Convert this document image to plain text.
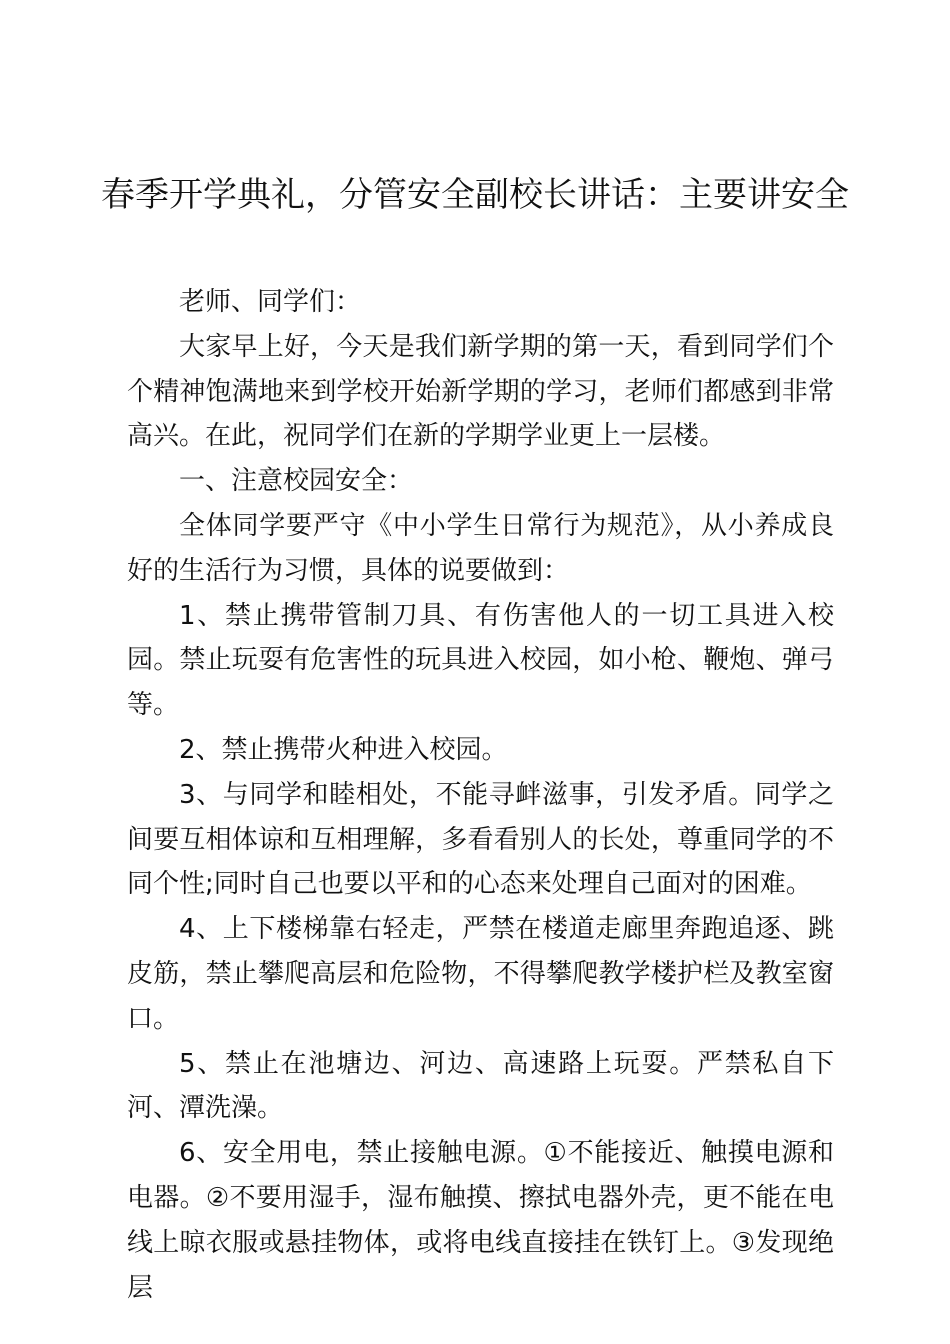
春季开学典礼，分管安全副校长讲话：主要讲安全

老师、同学们：

大家早上好，今天是我们新学期的第一天，看到同学们个个精神饱满地来到学校开始新学期的学习，老师们都感到非常高兴。在此，祝同学们在新的学期学业更上一层楼。

一、注意校园安全：

全体同学要严守《中小学生日常行为规范》，从小养成良好的生活行为习惯，具体的说要做到：

1、禁止携带管制刀具、有伤害他人的一切工具进入校园。禁止玩耍有危害性的玩具进入校园，如小枪、鞭炮、弹弓等。

2、禁止携带火种进入校园。

3、与同学和睦相处，不能寻衅滋事，引发矛盾。同学之间要互相体谅和互相理解，多看看别人的长处，尊重同学的不同个性;同时自己也要以平和的心态来处理自己面对的困难。

4、上下楼梯靠右轻走，严禁在楼道走廊里奔跑追逐、跳皮筋，禁止攀爬高层和危险物，不得攀爬教学楼护栏及教室窗口。

5、禁止在池塘边、河边、高速路上玩耍。严禁私自下河、潭洗澡。

6、安全用电，禁止接触电源。①不能接近、触摸电源和电器。②不要用湿手，湿布触摸、擦拭电器外壳，更不能在电线上晾衣服或悬挂物体，或将电线直接挂在铁钉上。③发现绝层
